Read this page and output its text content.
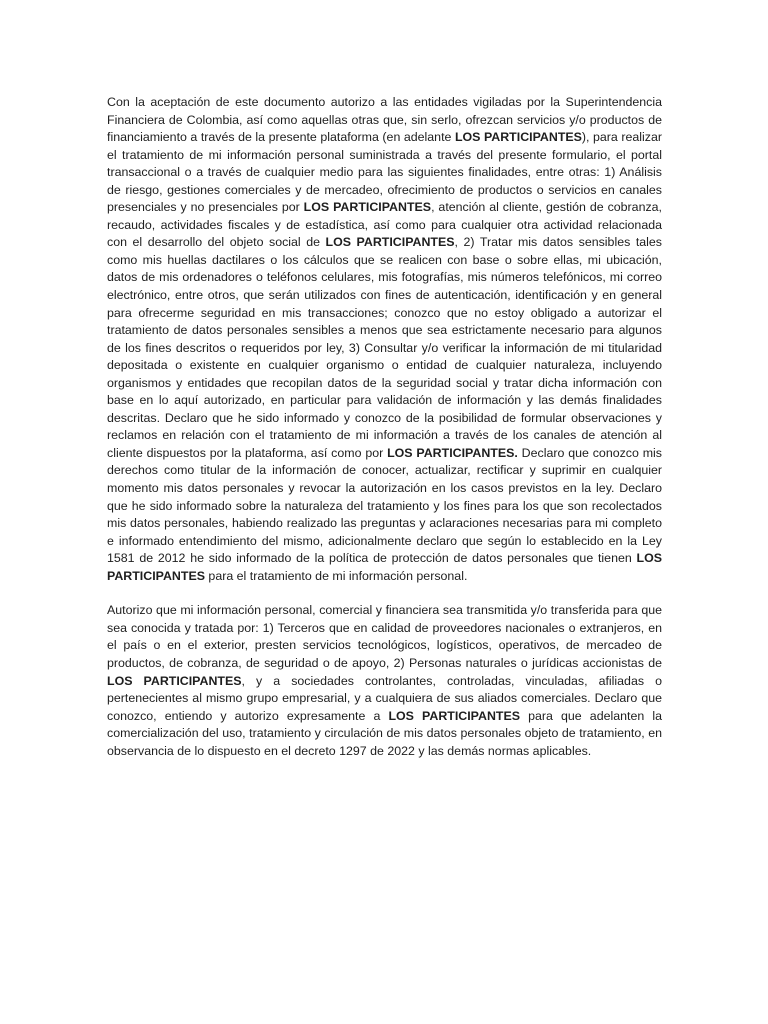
Con la aceptación de este documento autorizo a las entidades vigiladas por la Superintendencia Financiera de Colombia, así como aquellas otras que, sin serlo, ofrezcan servicios y/o productos de financiamiento a través de la presente plataforma (en adelante LOS PARTICIPANTES), para realizar el tratamiento de mi información personal suministrada a través del presente formulario, el portal transaccional o a través de cualquier medio para las siguientes finalidades, entre otras: 1) Análisis de riesgo, gestiones comerciales y de mercadeo, ofrecimiento de productos o servicios en canales presenciales y no presenciales por LOS PARTICIPANTES, atención al cliente, gestión de cobranza, recaudo, actividades fiscales y de estadística, así como para cualquier otra actividad relacionada con el desarrollo del objeto social de LOS PARTICIPANTES, 2) Tratar mis datos sensibles tales como mis huellas dactilares o los cálculos que se realicen con base o sobre ellas, mi ubicación, datos de mis ordenadores o teléfonos celulares, mis fotografías, mis números telefónicos, mi correo electrónico, entre otros, que serán utilizados con fines de autenticación, identificación y en general para ofrecerme seguridad en mis transacciones; conozco que no estoy obligado a autorizar el tratamiento de datos personales sensibles a menos que sea estrictamente necesario para algunos de los fines descritos o requeridos por ley, 3) Consultar y/o verificar la información de mi titularidad depositada o existente en cualquier organismo o entidad de cualquier naturaleza, incluyendo organismos y entidades que recopilan datos de la seguridad social y tratar dicha información con base en lo aquí autorizado, en particular para validación de información y las demás finalidades descritas. Declaro que he sido informado y conozco de la posibilidad de formular observaciones y reclamos en relación con el tratamiento de mi información a través de los canales de atención al cliente dispuestos por la plataforma, así como por LOS PARTICIPANTES. Declaro que conozco mis derechos como titular de la información de conocer, actualizar, rectificar y suprimir en cualquier momento mis datos personales y revocar la autorización en los casos previstos en la ley. Declaro que he sido informado sobre la naturaleza del tratamiento y los fines para los que son recolectados mis datos personales, habiendo realizado las preguntas y aclaraciones necesarias para mi completo e informado entendimiento del mismo, adicionalmente declaro que según lo establecido en la Ley 1581 de 2012 he sido informado de la política de protección de datos personales que tienen LOS PARTICIPANTES para el tratamiento de mi información personal.

Autorizo que mi información personal, comercial y financiera sea transmitida y/o transferida para que sea conocida y tratada por: 1) Terceros que en calidad de proveedores nacionales o extranjeros, en el país o en el exterior, presten servicios tecnológicos, logísticos, operativos, de mercadeo de productos, de cobranza, de seguridad o de apoyo, 2) Personas naturales o jurídicas accionistas de LOS PARTICIPANTES, y a sociedades controlantes, controladas, vinculadas, afiliadas o pertenecientes al mismo grupo empresarial, y a cualquiera de sus aliados comerciales. Declaro que conozco, entiendo y autorizo expresamente a LOS PARTICIPANTES para que adelanten la comercialización del uso, tratamiento y circulación de mis datos personales objeto de tratamiento, en observancia de lo dispuesto en el decreto 1297 de 2022 y las demás normas aplicables.
